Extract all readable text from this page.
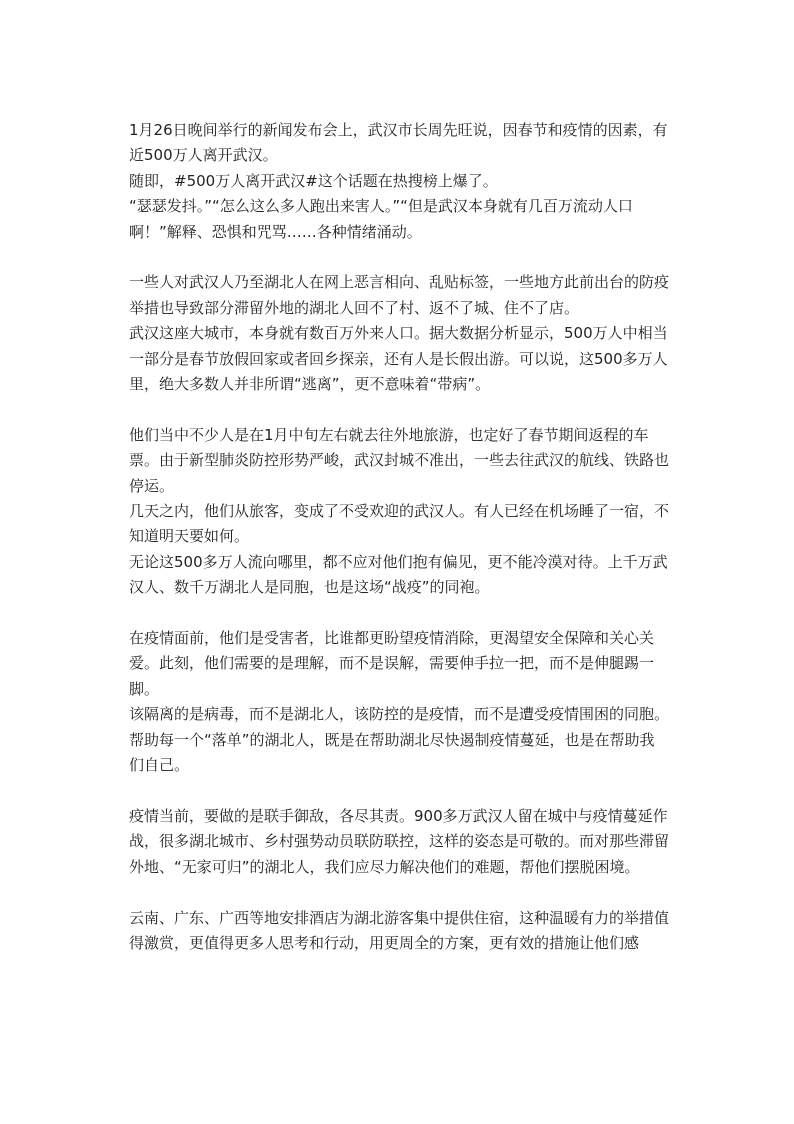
1月26日晚间举行的新闻发布会上，武汉市长周先旺说，因春节和疫情的因素，有近500万人离开武汉。

随即，#500万人离开武汉#这个话题在热搜榜上爆了。

“瑟瑟发抖。”“怎么这么多人跑出来害人。”“但是武汉本身就有几百万流动人口啊！”解释、恐惧和咒骂……各种情绪涌动。

一些人对武汉人乃至湖北人在网上恶言相向、乱贴标签，一些地方此前出台的防疫举措也导致部分滞留外地的湖北人回不了村、返不了城、住不了店。

武汉这座大城市，本身就有数百万外来人口。据大数据分析显示，500万人中相当一部分是春节放假回家或者回乡探亲，还有人是长假出游。可以说，这500多万人里，绝大多数人并非所谓“逃离”，更不意味着“带病”。

他们当中不少人是在1月中旬左右就去往外地旅游，也定好了春节期间返程的车票。由于新型肺炎防控形势严峻，武汉封城不准出，一些去往武汉的航线、铁路也停运。

几天之内，他们从旅客，变成了不受欢迎的武汉人。有人已经在机场睡了一宿，不知道明天要如何。

无论这500多万人流向哪里，都不应对他们抱有偏见，更不能冷漠对待。上千万武汉人、数千万湖北人是同胞，也是这场“战疫”的同袍。

在疫情面前，他们是受害者，比谁都更盼望疫情消除，更渴望安全保障和关心关爱。此刻，他们需要的是理解，而不是误解，需要伸手拉一把，而不是伸腿踢一脚。

该隔离的是病毒，而不是湖北人，该防控的是疫情，而不是遭受疫情围困的同胞。帮助每一个“落单”的湖北人，既是在帮助湖北尽快遏制疫情蔓延，也是在帮助我们自己。

疫情当前，要做的是联手御敌，各尽其责。900多万武汉人留在城中与疫情蔓延作战，很多湖北城市、乡村强势动员联防联控，这样的姿态是可敬的。而对那些滞留外地、“无家可归”的湖北人，我们应尽力解决他们的难题，帮他们摆脱困境。

云南、广东、广西等地安排酒店为湖北游客集中提供住宿，这种温暖有力的举措值得激赏，更值得更多人思考和行动，用更周全的方案，更有效的措施让他们感
